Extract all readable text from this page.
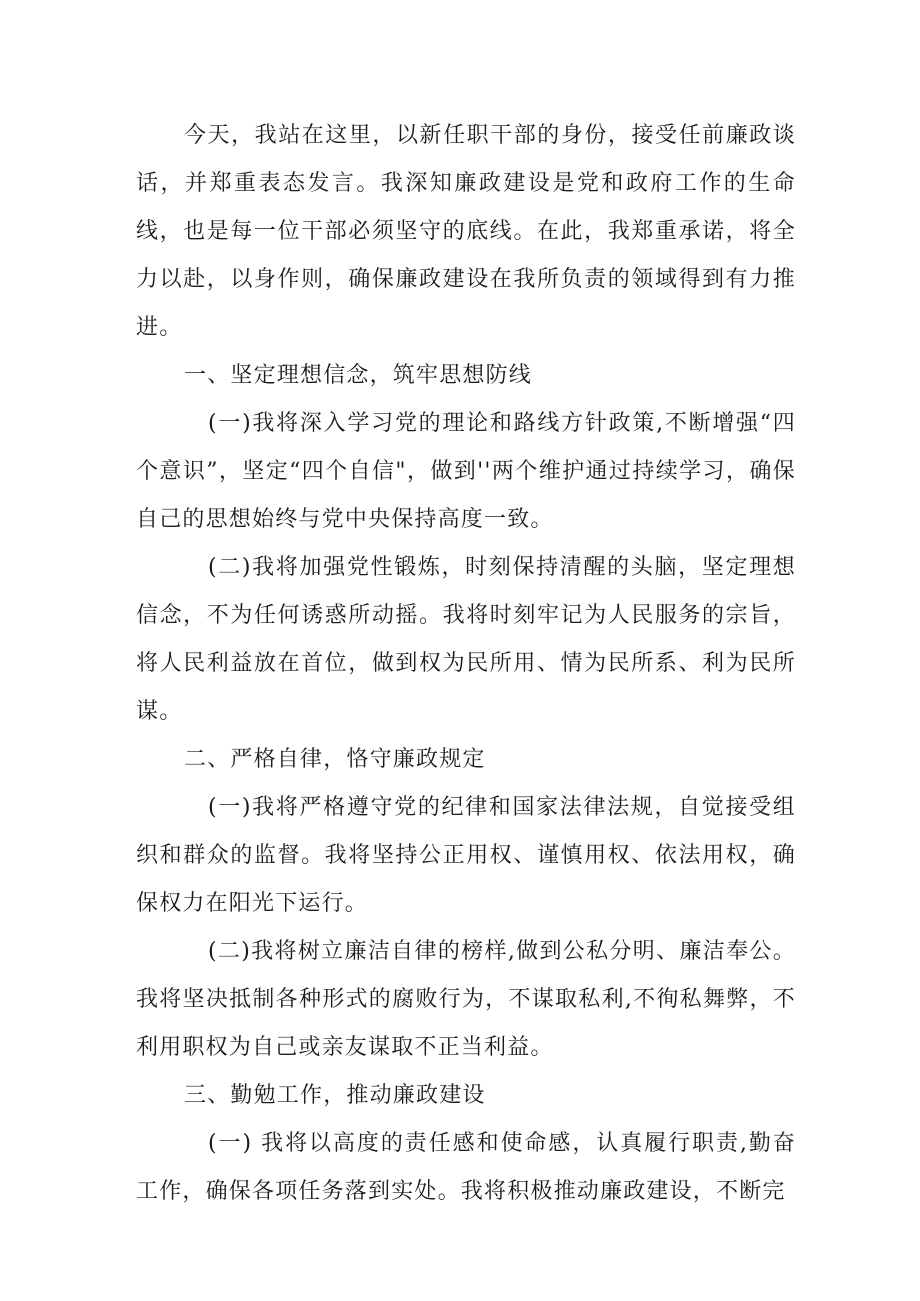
今天，我站在这里，以新任职干部的身份，接受任前廉政谈话，并郑重表态发言。我深知廉政建设是党和政府工作的生命线，也是每一位干部必须坚守的底线。在此，我郑重承诺，将全力以赴，以身作则，确保廉政建设在我所负责的领域得到有力推进。

一、坚定理想信念，筑牢思想防线

(一)我将深入学习党的理论和路线方针政策,不断增强“四个意识”，坚定“四个自信"，做到''两个维护通过持续学习，确保自己的思想始终与党中央保持高度一致。

(二)我将加强党性锻炼，时刻保持清醒的头脑，坚定理想信念，不为任何诱惑所动摇。我将时刻牢记为人民服务的宗旨，将人民利益放在首位，做到权为民所用、情为民所系、利为民所谋。

二、严格自律，恪守廉政规定

(一)我将严格遵守党的纪律和国家法律法规，自觉接受组织和群众的监督。我将坚持公正用权、谨慎用权、依法用权，确保权力在阳光下运行。

(二)我将树立廉洁自律的榜样,做到公私分明、廉洁奉公。我将坚决抵制各种形式的腐败行为，不谋取私利,不徇私舞弊，不利用职权为自己或亲友谋取不正当利益。

三、勤勉工作，推动廉政建设

(一) 我将以高度的责任感和使命感，认真履行职责,勤奋工作，确保各项任务落到实处。我将积极推动廉政建设，不断完
